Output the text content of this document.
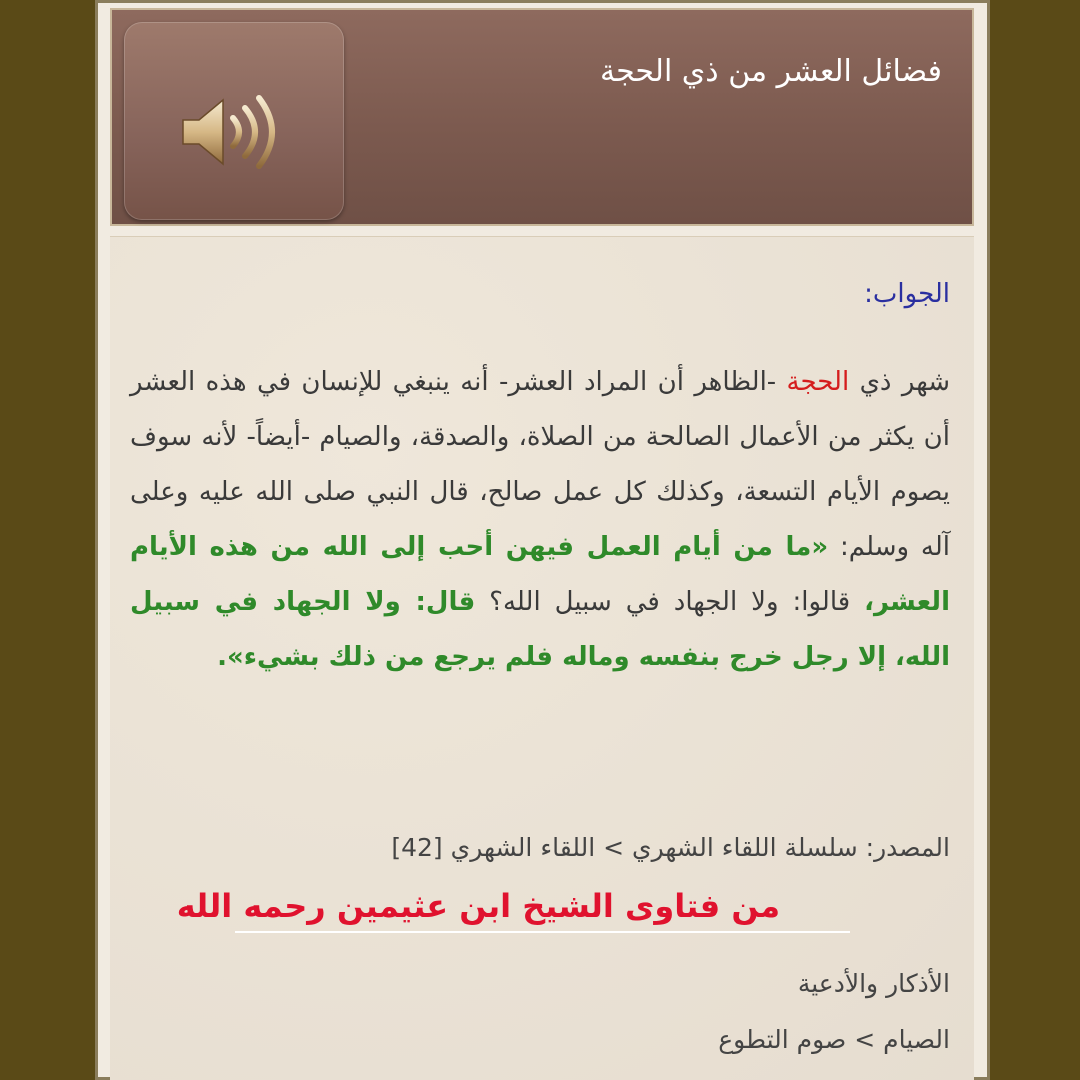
فضائل العشر من ذي الحجة
الجواب:
شهر ذي الحجة -الظاهر أن المراد العشر- أنه ينبغي للإنسان في هذه العشر أن يكثر من الأعمال الصالحة من الصلاة، والصدقة، والصيام -أيضاً- لأنه سوف يصوم الأيام التسعة، وكذلك كل عمل صالح، قال النبي صلى الله عليه وعلى آله وسلم: «ما من أيام العمل فيهن أحب إلى الله من هذه الأيام العشر، قالوا: ولا الجهاد في سبيل الله؟ قال: ولا الجهاد في سبيل الله، إلا رجل خرج بنفسه وماله فلم يرجع من ذلك بشيء».
المصدر: سلسلة اللقاء الشهري > اللقاء الشهري [42]
من فتاوى الشيخ ابن عثيمين رحمه الله
الأذكار والأدعية
الصيام > صوم التطوع
